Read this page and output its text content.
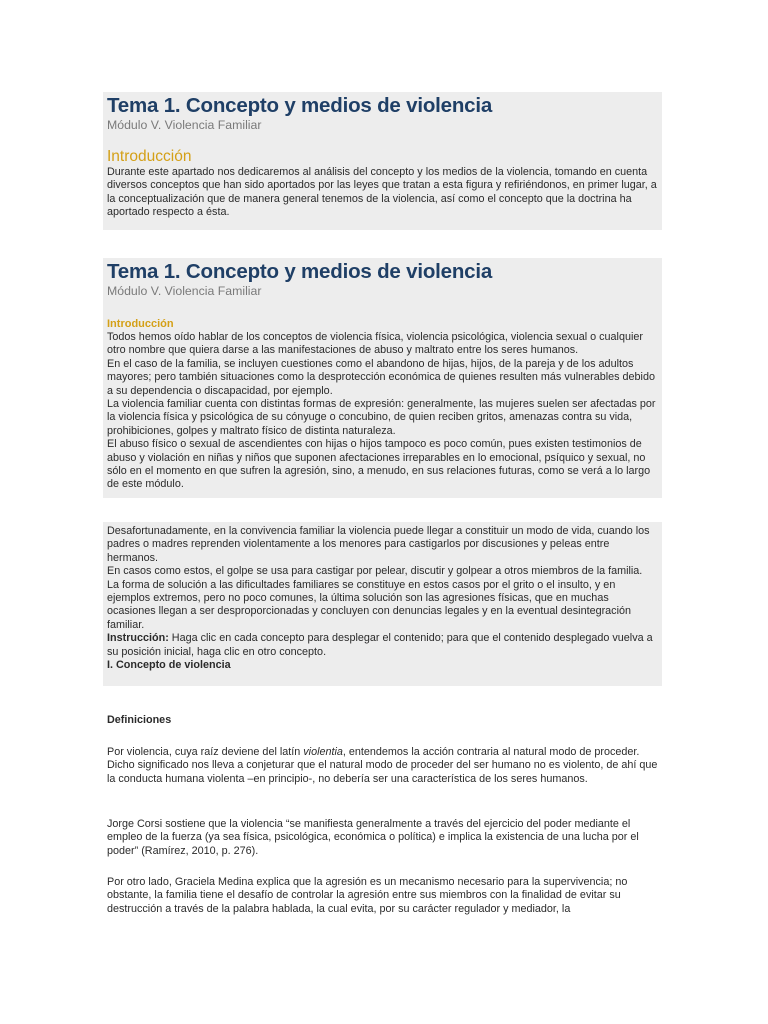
Tema 1. Concepto y medios de violencia
Módulo V. Violencia Familiar
Introducción

Durante este apartado nos dedicaremos al análisis del concepto y los medios de la violencia, tomando en cuenta diversos conceptos que han sido aportados por las leyes que tratan a esta figura y refiriéndonos, en primer lugar, a la conceptualización que de manera general tenemos de la violencia, así como el concepto que la doctrina ha aportado respecto a ésta.

Tema 1. Concepto y medios de violencia
Módulo V. Violencia Familiar
Introducción

Todos hemos oído hablar de los conceptos de violencia física, violencia psicológica, violencia sexual o cualquier otro nombre que quiera darse a las manifestaciones de abuso y maltrato entre los seres humanos.

En el caso de la familia, se incluyen cuestiones como el abandono de hijas, hijos, de la pareja y de los adultos mayores; pero también situaciones como la desprotección económica de quienes resulten más vulnerables debido a su dependencia o discapacidad, por ejemplo.

La violencia familiar cuenta con distintas formas de expresión: generalmente, las mujeres suelen ser afectadas por la violencia física y psicológica de su cónyuge o concubino, de quien reciben gritos, amenazas contra su vida, prohibiciones, golpes y maltrato físico de distinta naturaleza.

El abuso físico o sexual de ascendientes con hijas o hijos tampoco es poco común, pues existen testimonios de abuso y violación en niñas y niños que suponen afectaciones irreparables en lo emocional, psíquico y sexual, no sólo en el momento en que sufren la agresión, sino, a menudo, en sus relaciones futuras, como se verá a lo largo de este módulo.

Desafortunadamente, en la convivencia familiar la violencia puede llegar a constituir un modo de vida, cuando los padres o madres reprenden violentamente a los menores para castigarlos por discusiones y peleas entre hermanos.

En casos como estos, el golpe se usa para castigar por pelear, discutir y golpear a otros miembros de la familia.

La forma de solución a las dificultades familiares se constituye en estos casos por el grito o el insulto, y en ejemplos extremos, pero no poco comunes, la última solución son las agresiones físicas, que en muchas ocasiones llegan a ser desproporcionadas y concluyen con denuncias legales y en la eventual desintegración familiar.

Instrucción: Haga clic en cada concepto para desplegar el contenido; para que el contenido desplegado vuelva a su posición inicial, haga clic en otro concepto.

I. Concepto de violencia

Definiciones

Por violencia, cuya raíz deviene del latín violentia, entendemos la acción contraria al natural modo de proceder. Dicho significado nos lleva a conjeturar que el natural modo de proceder del ser humano no es violento, de ahí que la conducta humana violenta –en principio-, no debería ser una característica de los seres humanos.

Jorge Corsi sostiene que la violencia “se manifiesta generalmente a través del ejercicio del poder mediante el empleo de la fuerza (ya sea física, psicológica, económica o política) e implica la existencia de una lucha por el poder” (Ramírez, 2010, p. 276).

Por otro lado, Graciela Medina explica que la agresión es un mecanismo necesario para la supervivencia; no obstante, la familia tiene el desafío de controlar la agresión entre sus miembros con la finalidad de evitar su destrucción a través de la palabra hablada, la cual evita, por su carácter regulador y mediador, la
